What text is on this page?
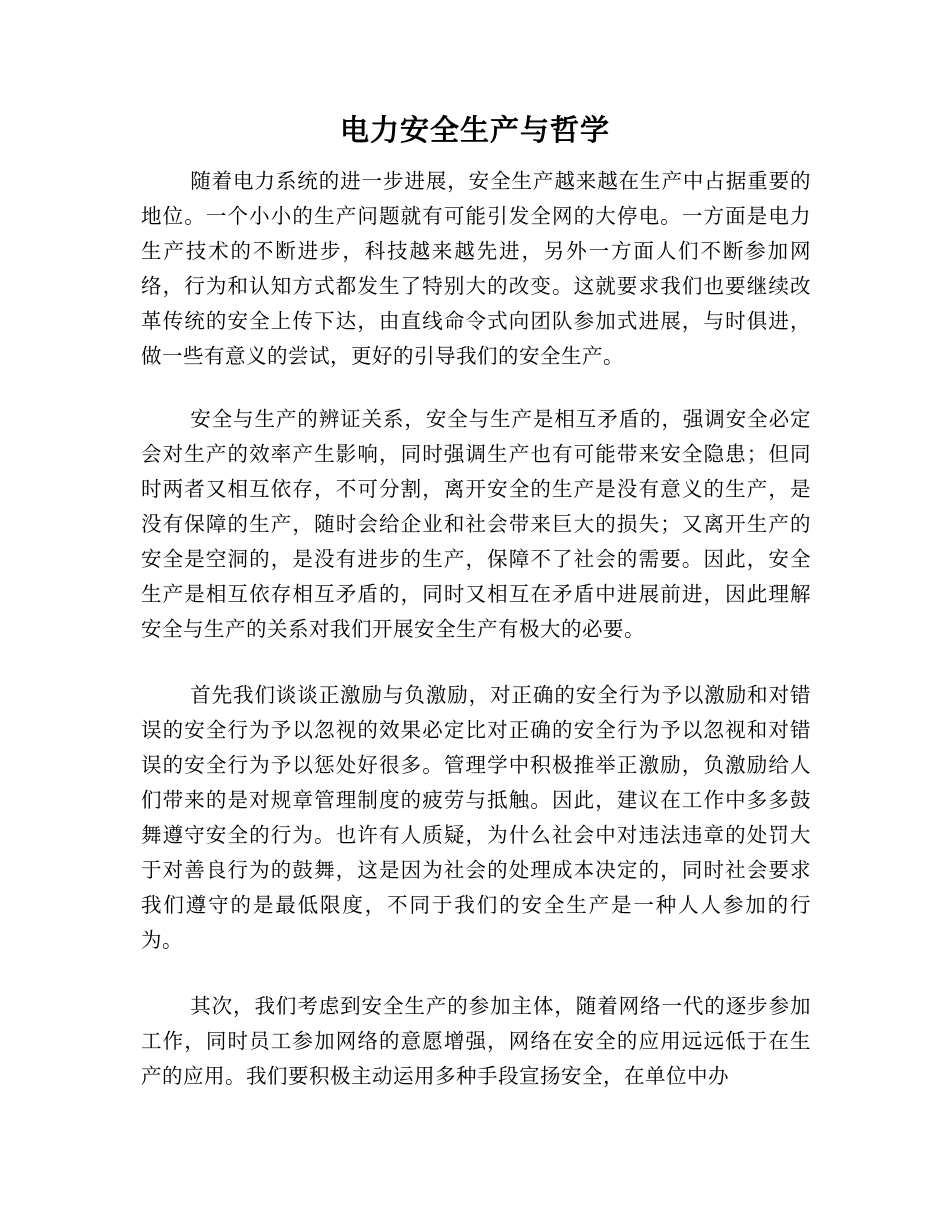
电力安全生产与哲学

随着电力系统的进一步进展，安全生产越来越在生产中占据重要的地位。一个小小的生产问题就有可能引发全网的大停电。一方面是电力生产技术的不断进步，科技越来越先进，另外一方面人们不断参加网络，行为和认知方式都发生了特别大的改变。这就要求我们也要继续改革传统的安全上传下达，由直线命令式向团队参加式进展，与时俱进，做一些有意义的尝试，更好的引导我们的安全生产。

安全与生产的辨证关系，安全与生产是相互矛盾的，强调安全必定会对生产的效率产生影响，同时强调生产也有可能带来安全隐患；但同时两者又相互依存，不可分割，离开安全的生产是没有意义的生产，是没有保障的生产，随时会给企业和社会带来巨大的损失；又离开生产的安全是空洞的，是没有进步的生产，保障不了社会的需要。因此，安全生产是相互依存相互矛盾的，同时又相互在矛盾中进展前进，因此理解安全与生产的关系对我们开展安全生产有极大的必要。

首先我们谈谈正激励与负激励，对正确的安全行为予以激励和对错误的安全行为予以忽视的效果必定比对正确的安全行为予以忽视和对错误的安全行为予以惩处好很多。管理学中积极推举正激励，负激励给人们带来的是对规章管理制度的疲劳与抵触。因此，建议在工作中多多鼓舞遵守安全的行为。也许有人质疑，为什么社会中对违法违章的处罚大于对善良行为的鼓舞，这是因为社会的处理成本决定的，同时社会要求我们遵守的是最低限度，不同于我们的安全生产是一种人人参加的行为。

其次，我们考虑到安全生产的参加主体，随着网络一代的逐步参加工作，同时员工参加网络的意愿增强，网络在安全的应用远远低于在生产的应用。我们要积极主动运用多种手段宣扬安全，在单位中办
